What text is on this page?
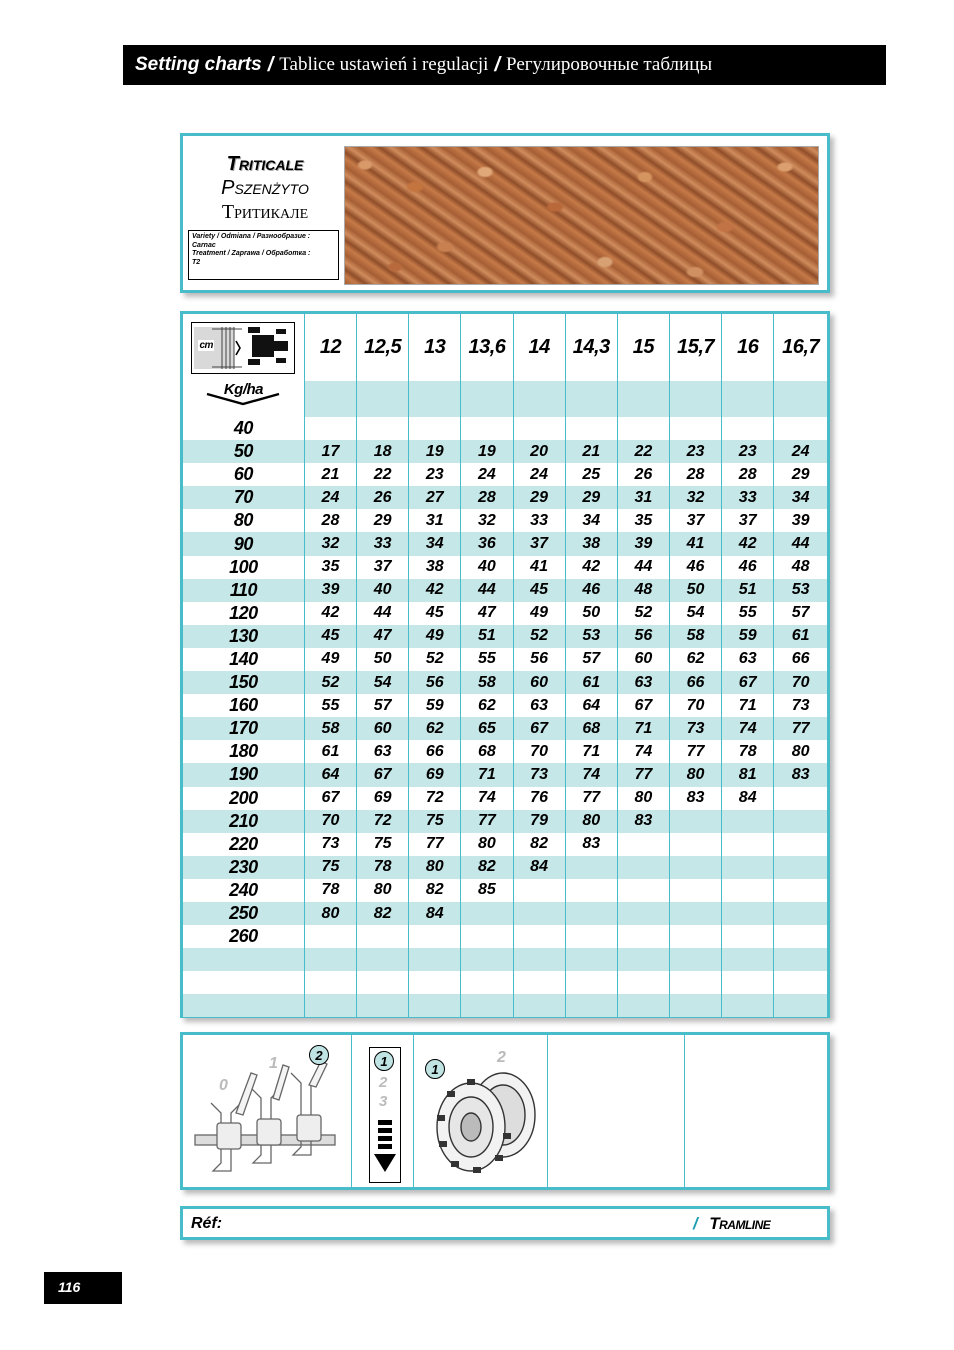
Setting charts / Tablice ustawień i regulacji / Регулировочные таблицы
Triticale
Pszenżyto
Тритикале
Variety / Odmiana / Разнообразие :
Carnac
Treatment / Zaprawa / Обработка :
T2
cm	12	12,5	13	13,6	14	14,3	15	15,7	16	16,7

Kg/ha										

40										
50	17	18	19	19	20	21	22	23	23	24
60	21	22	23	24	24	25	26	28	28	29
70	24	26	27	28	29	29	31	32	33	34
80	28	29	31	32	33	34	35	37	37	39
90	32	33	34	36	37	38	39	41	42	44
100	35	37	38	40	41	42	44	46	46	48
110	39	40	42	44	45	46	48	50	51	53
120	42	44	45	47	49	50	52	54	55	57
130	45	47	49	51	52	53	56	58	59	61
140	49	50	52	55	56	57	60	62	63	66
150	52	54	56	58	60	61	63	66	67	70
160	55	57	59	62	63	64	67	70	71	73
170	58	60	62	65	67	68	71	73	74	77
180	61	63	66	68	70	71	74	77	78	80
190	64	67	69	71	73	74	77	80	81	83
200	67	69	72	74	76	77	80	83	84	
210	70	72	75	77	79	80	83			
220	73	75	77	80	82	83				
230	75	78	80	82	84					
240	78	80	82	85						
250	80	82	84							
260										

0
1	2	1
2
3
1
2
Réf:	/ Tramline
116
